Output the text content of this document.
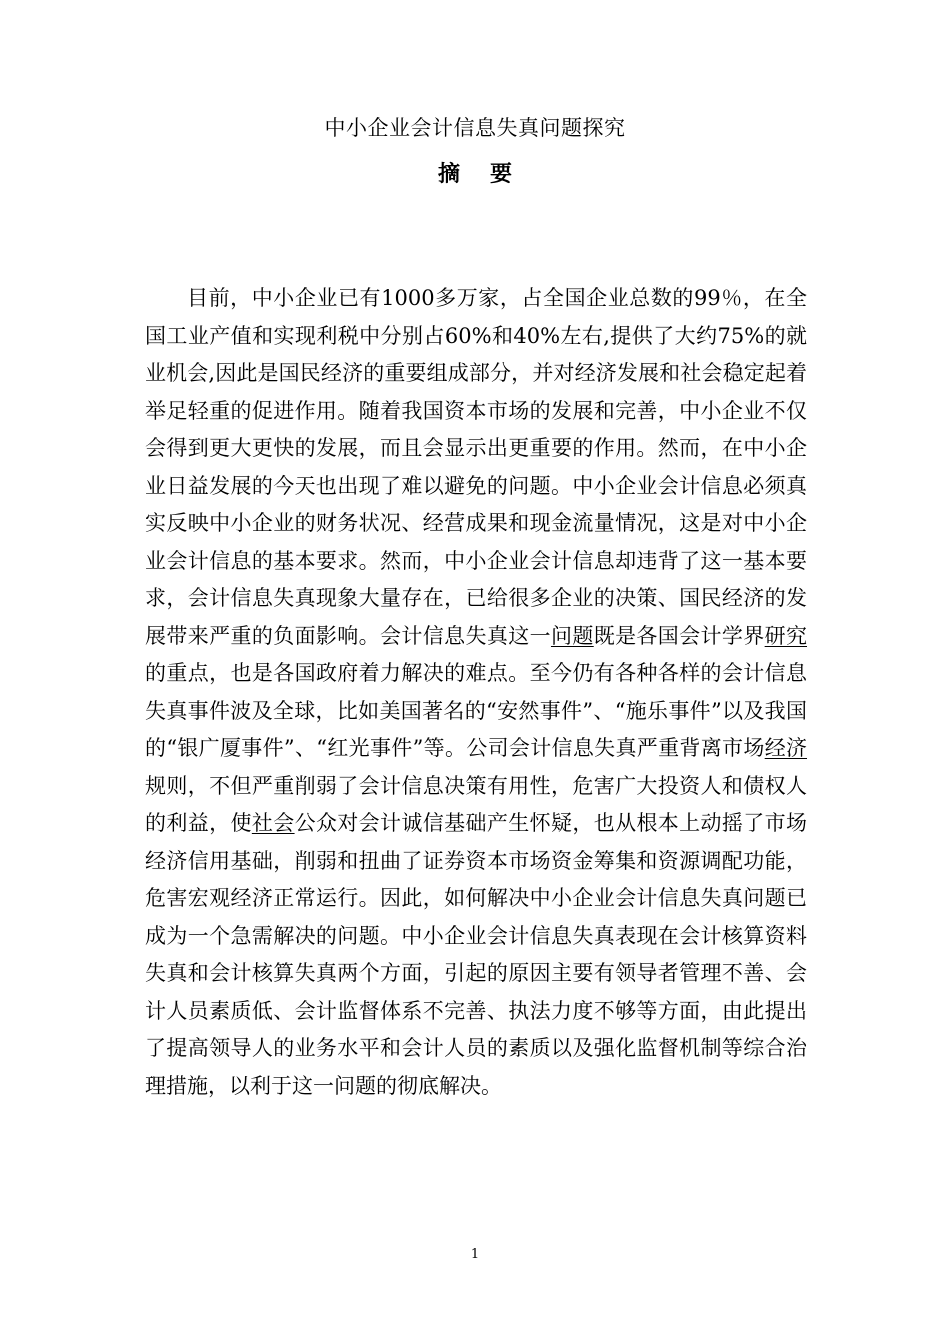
中小企业会计信息失真问题探究
摘 要

目前，中小企业已有1000多万家，占全国企业总数的99％，在全国工业产值和实现利税中分别占60%和40%左右,提供了大约75%的就业机会,因此是国民经济的重要组成部分，并对经济发展和社会稳定起着举足轻重的促进作用。随着我国资本市场的发展和完善，中小企业不仅会得到更大更快的发展，而且会显示出更重要的作用。然而，在中小企业日益发展的今天也出现了难以避免的问题。中小企业会计信息必须真实反映中小企业的财务状况、经营成果和现金流量情况，这是对中小企业会计信息的基本要求。然而，中小企业会计信息却违背了这一基本要求，会计信息失真现象大量存在，已给很多企业的决策、国民经济的发展带来严重的负面影响。会计信息失真这一问题既是各国会计学界研究的重点，也是各国政府着力解决的难点。至今仍有各种各样的会计信息失真事件波及全球，比如美国著名的“安然事件”、“施乐事件”以及我国的“银广厦事件”、“红光事件”等。公司会计信息失真严重背离市场经济规则，不但严重削弱了会计信息决策有用性，危害广大投资人和债权人的利益，使社会公众对会计诚信基础产生怀疑，也从根本上动摇了市场经济信用基础，削弱和扭曲了证券资本市场资金筹集和资源调配功能，危害宏观经济正常运行。因此，如何解决中小企业会计信息失真问题已成为一个急需解决的问题。中小企业会计信息失真表现在会计核算资料失真和会计核算失真两个方面，引起的原因主要有领导者管理不善、会计人员素质低、会计监督体系不完善、执法力度不够等方面，由此提出了提高领导人的业务水平和会计人员的素质以及强化监督机制等综合治理措施，以利于这一问题的彻底解决。

1
